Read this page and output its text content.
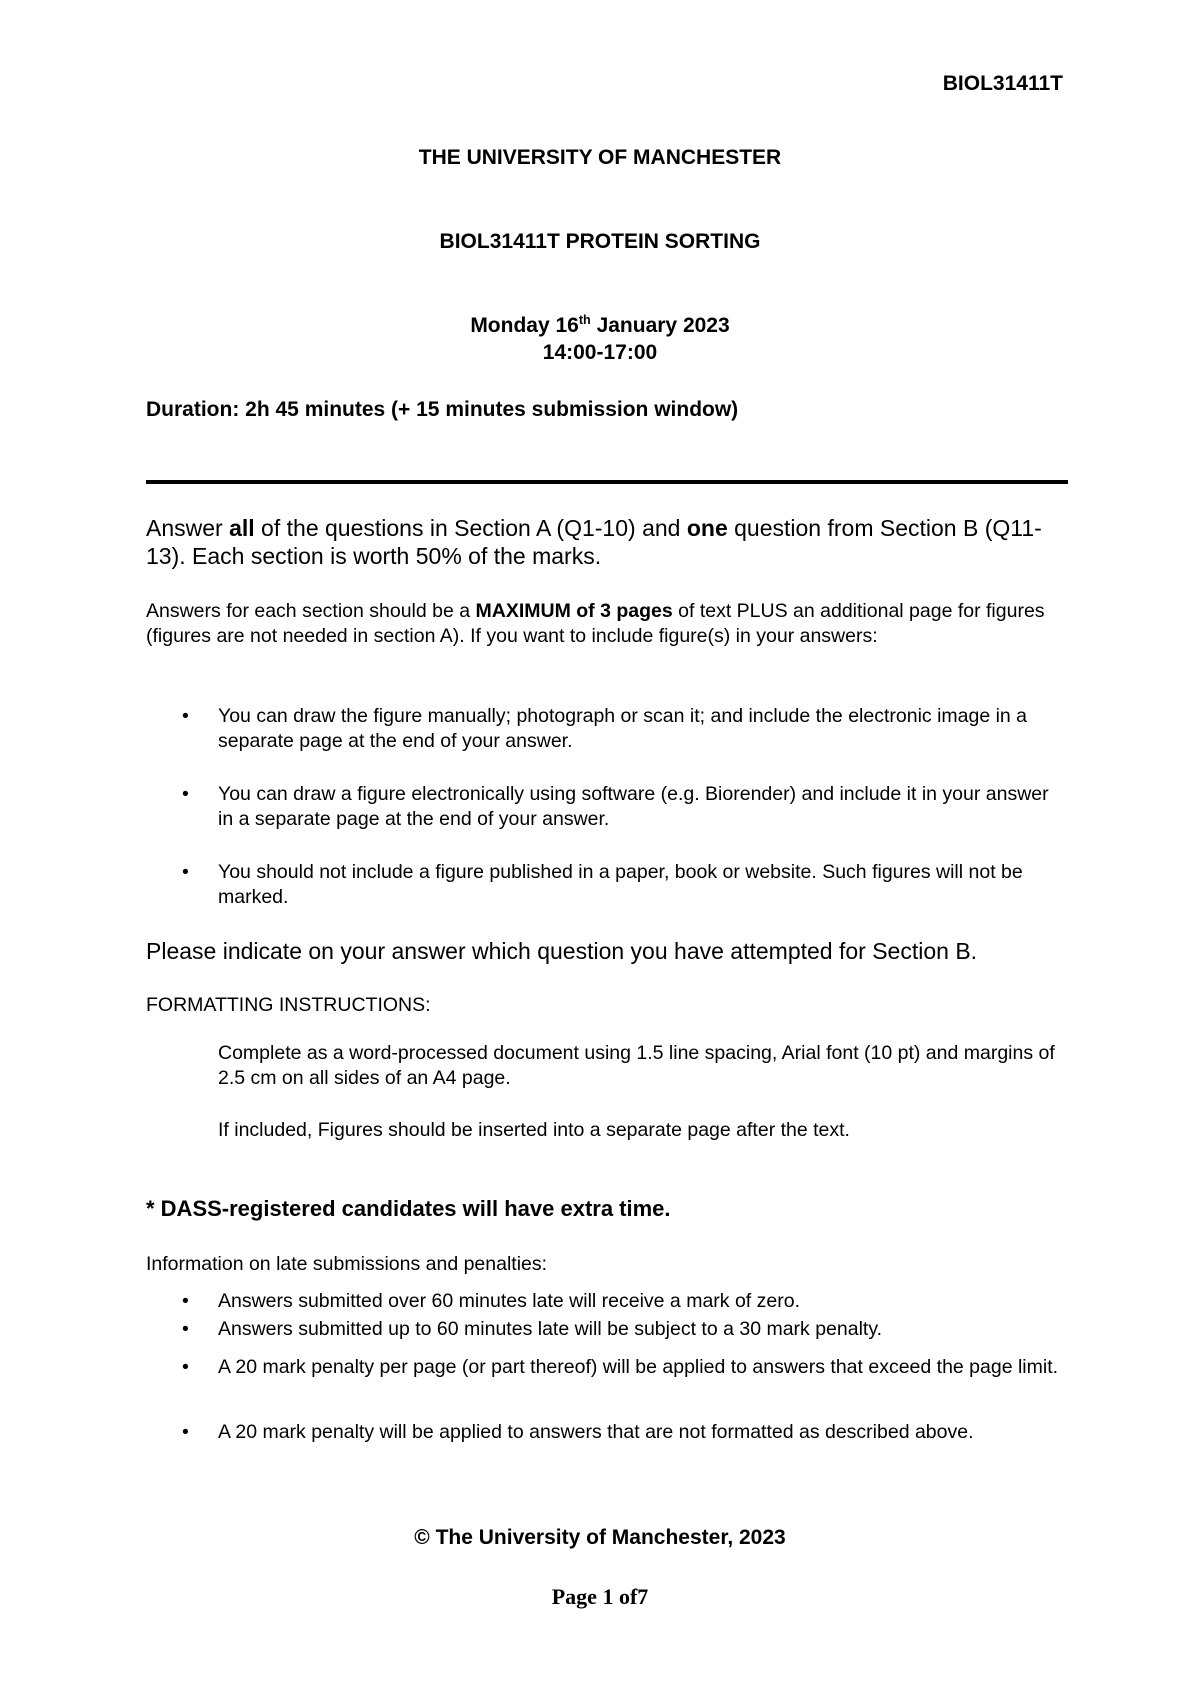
BIOL31411T
THE UNIVERSITY OF MANCHESTER
BIOL31411T PROTEIN SORTING
Monday 16th January 2023
14:00-17:00
Duration: 2h 45 minutes (+ 15 minutes submission window)
Answer all of the questions in Section A (Q1-10) and one question from Section B (Q11-13). Each section is worth 50% of the marks.
Answers for each section should be a MAXIMUM of 3 pages of text PLUS an additional page for figures (figures are not needed in section A). If you want to include figure(s) in your answers:
• You can draw the figure manually; photograph or scan it; and include the electronic image in a separate page at the end of your answer.
• You can draw a figure electronically using software (e.g. Biorender) and include it in your answer in a separate page at the end of your answer.
• You should not include a figure published in a paper, book or website. Such figures will not be marked.
Please indicate on your answer which question you have attempted for Section B.
FORMATTING INSTRUCTIONS:
Complete as a word-processed document using 1.5 line spacing, Arial font (10 pt) and margins of 2.5 cm on all sides of an A4 page.
If included, Figures should be inserted into a separate page after the text.
* DASS-registered candidates will have extra time.
Information on late submissions and penalties:
• Answers submitted over 60 minutes late will receive a mark of zero.
• Answers submitted up to 60 minutes late will be subject to a 30 mark penalty.
• A 20 mark penalty per page (or part thereof) will be applied to answers that exceed the page limit.
• A 20 mark penalty will be applied to answers that are not formatted as described above.
© The University of Manchester, 2023
Page 1 of7
